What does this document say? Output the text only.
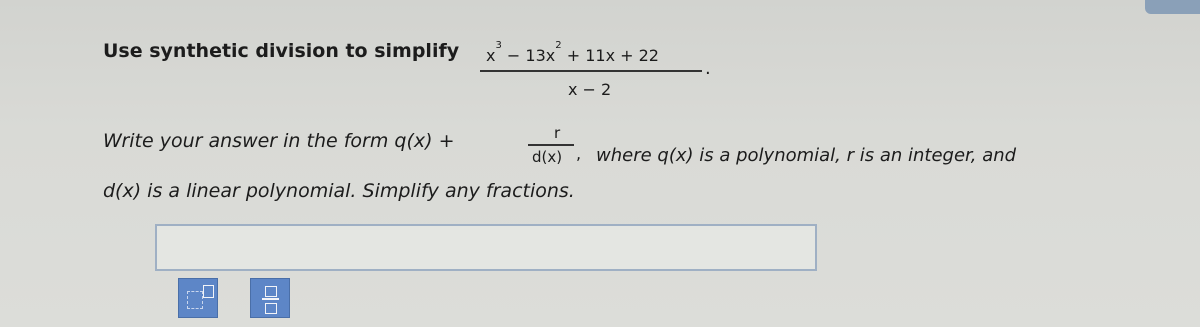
Use synthetic division to simplify $x^3 - 13x^2 + 11x + 22$
x − 2
.
Write your answer in the form q(x) +	r
d(x) , where q(x) is a polynomial, r is an integer, and
d(x) is a linear polynomial. Simplify any fractions.
